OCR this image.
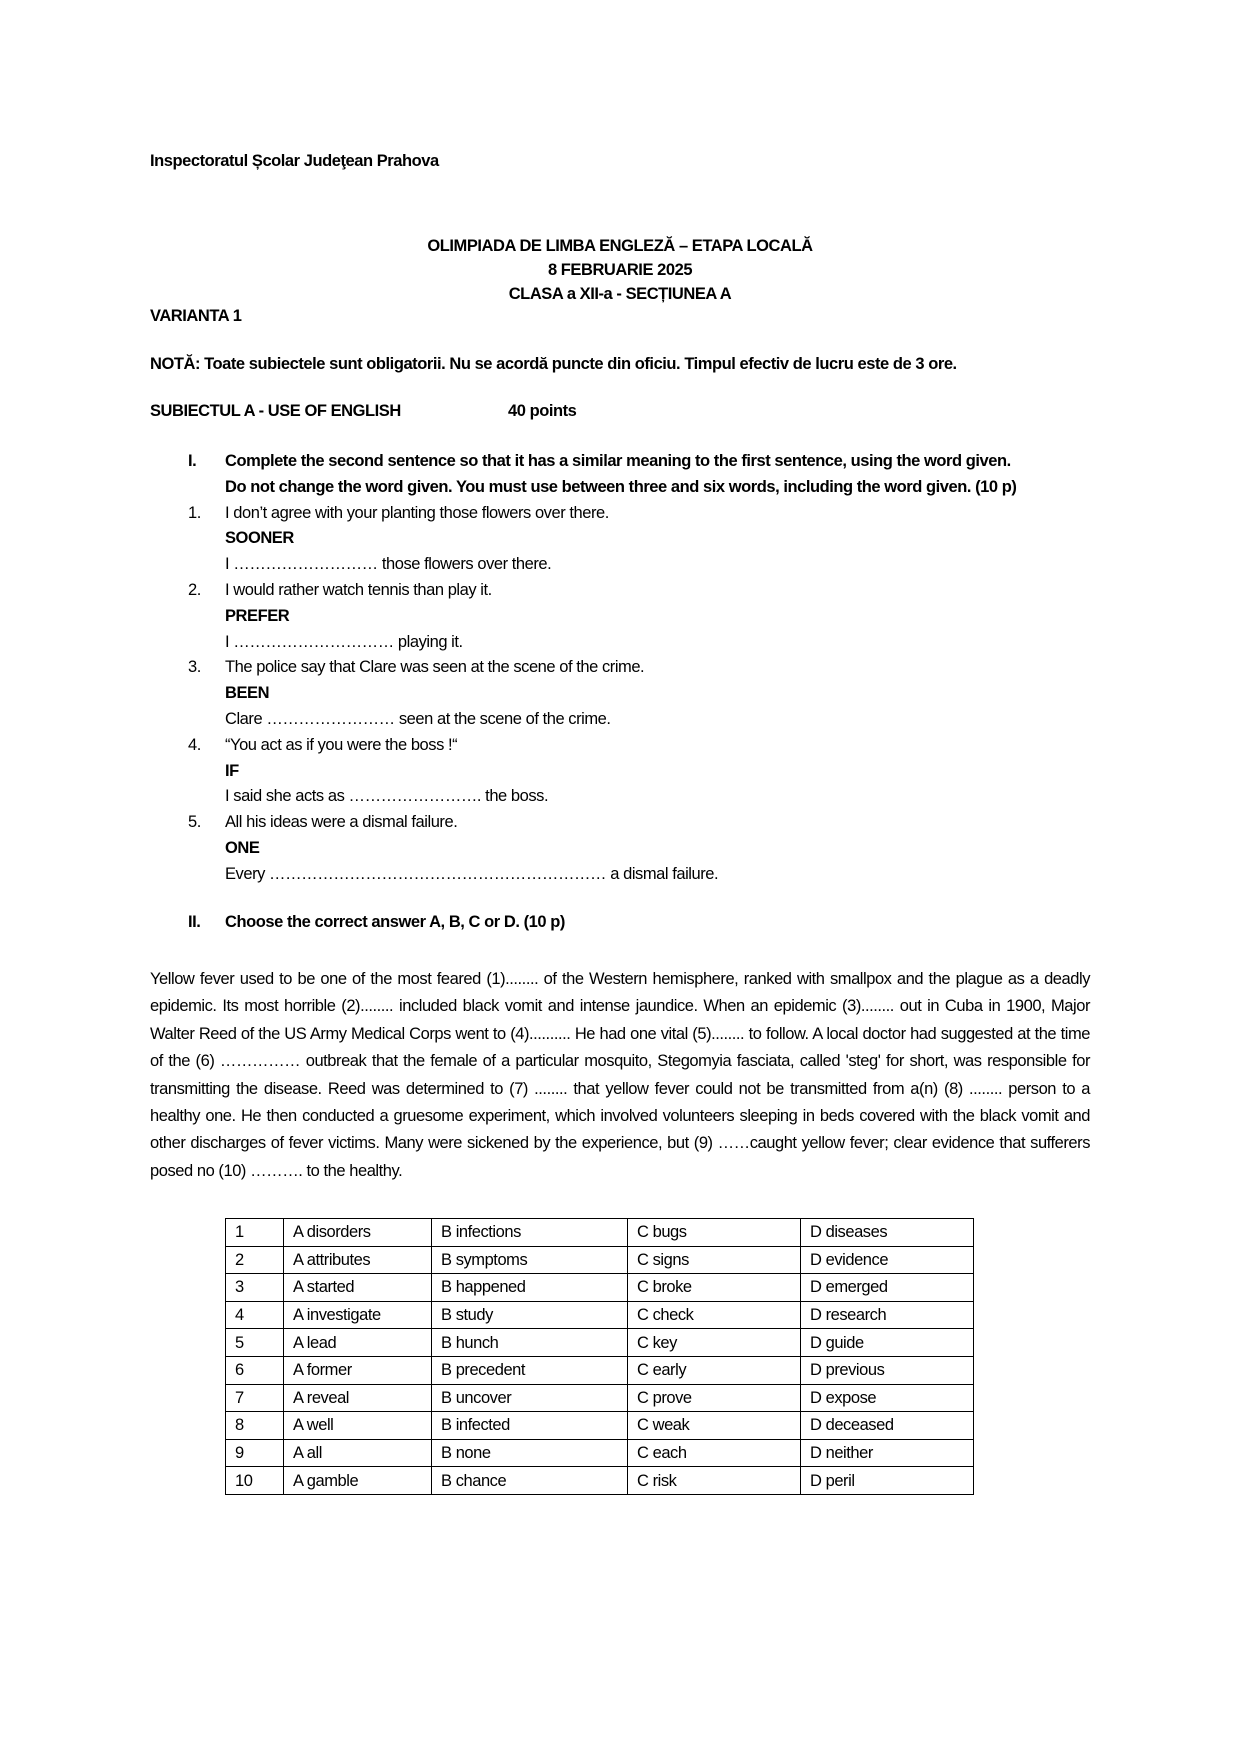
Inspectoratul Școlar Judeţean Prahova
OLIMPIADA DE LIMBA ENGLEZĂ – ETAPA LOCALĂ
8 FEBRUARIE 2025
CLASA a XII-a - SECȚIUNEA A
VARIANTA 1
NOTĂ: Toate subiectele sunt obligatorii. Nu se acordă puncte din oficiu. Timpul efectiv de lucru este de 3 ore.
SUBIECTUL A - USE OF ENGLISH	40 points
I.	Complete the second sentence so that it has a similar meaning to the first sentence, using the word given.
Do not change the word given. You must use between three and six words, including the word given. (10 p)
1.	I don’t agree with your planting those flowers over there.
SOONER
I ……………………… those flowers over there.
2.	I would rather watch tennis than play it.
PREFER
I ………………………… playing it.
3.	The police say that Clare was seen at the scene of the crime.
BEEN
Clare …………………… seen at the scene of the crime.
4.	“You act as if you were the boss !“
IF
I said she acts as ……………………. the boss.
5.	All his ideas were a dismal failure.
ONE
Every ……………………………………………………… a dismal failure.
II. Choose the correct answer A, B, C or D. (10 p)
Yellow fever used to be one of the most feared (1)........ of the Western hemisphere, ranked with smallpox and the plague as a deadly epidemic. Its most horrible (2)........ included black vomit and intense jaundice. When an epidemic (3)........ out in Cuba in 1900, Major Walter Reed of the US Army Medical Corps went to (4).......... He had one vital (5)........ to follow. A local doctor had suggested at the time of the (6) …………… outbreak that the female of a particular mosquito, Stegomyia fasciata, called 'steg' for short, was responsible for transmitting the disease. Reed was determined to (7) ........ that yellow fever could not be transmitted from a(n) (8) ........ person to a healthy one. He then conducted a gruesome experiment, which involved volunteers sleeping in beds covered with the black vomit and other discharges of fever victims. Many were sickened by the experience, but (9) ……caught yellow fever; clear evidence that sufferers posed no (10) ………. to the healthy.
1	A disorders	B infections	C bugs	D diseases
2	A attributes	B symptoms	C signs	D evidence
3	A started	B happened	C broke	D emerged
4	A investigate	B study	C check	D research
5	A lead	B hunch	C key	D guide
6	A former	B precedent	C early	D previous
7	A reveal	B uncover	C prove	D expose
8	A well	B infected	C weak	D deceased
9	A all	B none	C each	D neither
10	A gamble	B chance	C risk	D peril
